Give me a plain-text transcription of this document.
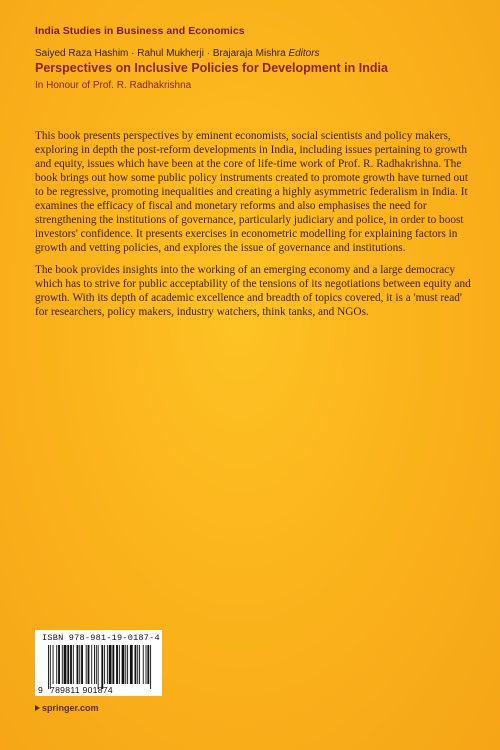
India Studies in Business and Economics
Saiyed Raza Hashim · Rahul Mukherji · Brajaraja Mishra Editors
Perspectives on Inclusive Policies for Development in India
In Honour of Prof. R. Radhakrishna

This book presents perspectives by eminent economists, social scientists and policy makers, exploring in depth the post-reform developments in India, including issues pertaining to growth and equity, issues which have been at the core of life-time work of Prof. R. Radhakrishna. The book brings out how some public policy instruments created to promote growth have turned out to be regressive, promoting inequalities and creating a highly asymmetric federalism in India. It examines the efficacy of fiscal and monetary reforms and also emphasises the need for strengthening the institutions of governance, particularly judiciary and police, in order to boost investors' confidence. It presents exercises in econometric modelling for explaining factors in growth and vetting policies, and explores the issue of governance and institutions.

The book provides insights into the working of an emerging economy and a large democracy which has to strive for public acceptability of the tensions of its negotiations between equity and growth. With its depth of academic excellence and breadth of topics covered, it is a 'must read' for researchers, policy makers, industry watchers, think tanks, and NGOs.

ISBN 978-981-19-0187-4
9 789811 901874
springer.com
